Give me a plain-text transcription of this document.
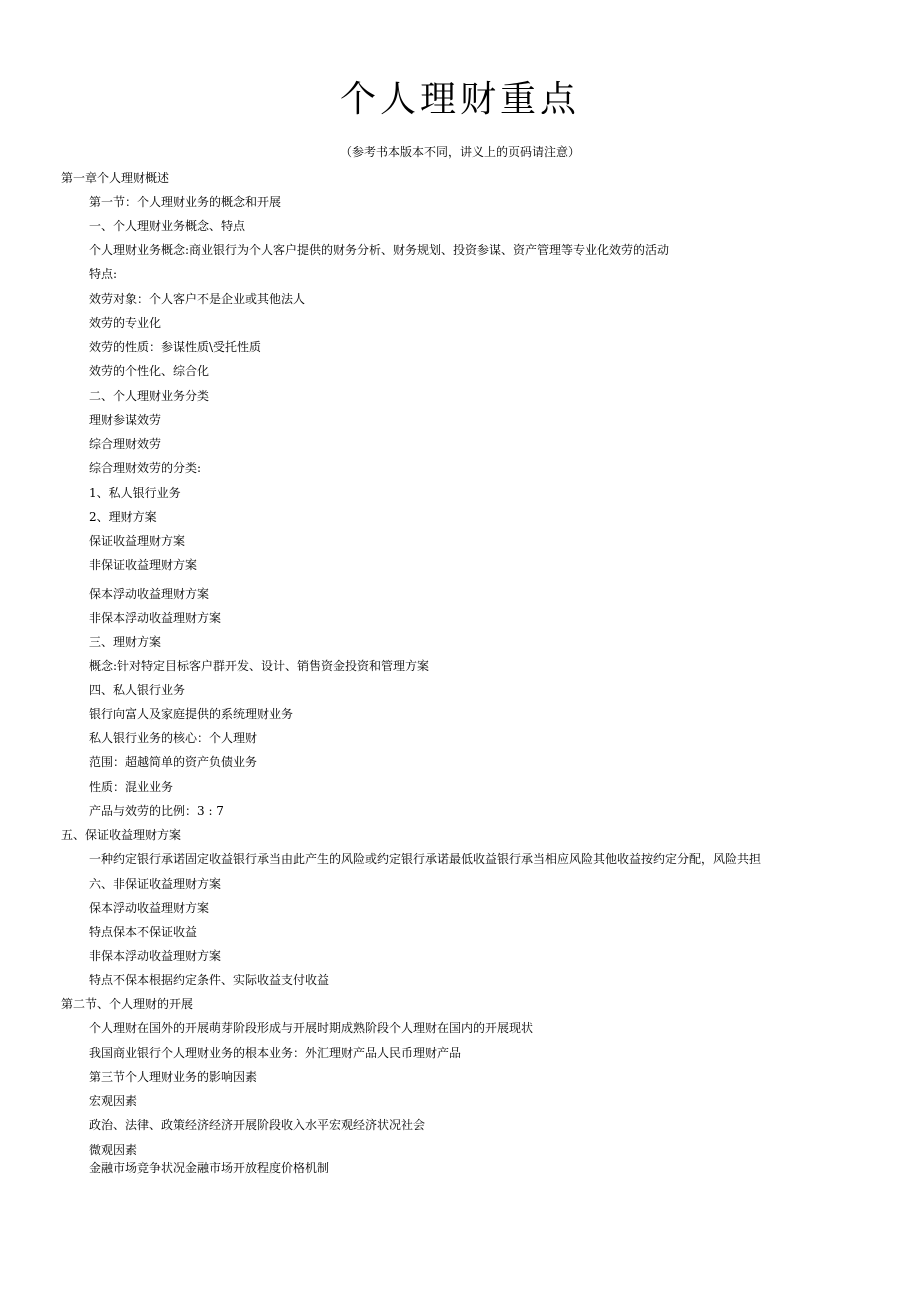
个人理财重点
（参考书本版本不同，讲义上的页码请注意）
第一章个人理财概述
第一节：个人理财业务的概念和开展
一、个人理财业务概念、特点
个人理财业务概念:商业银行为个人客户提供的财务分析、财务规划、投资参谋、资产管理等专业化效劳的活动
特点:
效劳对象：个人客户不是企业或其他法人
效劳的专业化
效劳的性质：参谋性质\受托性质
效劳的个性化、综合化
二、个人理财业务分类
理财参谋效劳
综合理财效劳
综合理财效劳的分类:
1、私人银行业务
2、理财方案
保证收益理财方案
非保证收益理财方案
保本浮动收益理财方案
非保本浮动收益理财方案
三、理财方案
概念:针对特定目标客户群开发、设计、销售资金投资和管理方案
四、私人银行业务
银行向富人及家庭提供的系统理财业务
私人银行业务的核心：个人理财
范围：超越简单的资产负债业务
性质：混业业务
产品与效劳的比例：3 : 7
五、保证收益理财方案
一种约定银行承诺固定收益银行承当由此产生的风险或约定银行承诺最低收益银行承当相应风险其他收益按约定分配，风险共担
六、非保证收益理财方案
保本浮动收益理财方案
特点保本不保证收益
非保本浮动收益理财方案
特点不保本根据约定条件、实际收益支付收益
第二节、个人理财的开展
个人理财在国外的开展萌芽阶段形成与开展时期成熟阶段个人理财在国内的开展现状
我国商业银行个人理财业务的根本业务：外汇理财产品人民币理财产品
第三节个人理财业务的影响因素
宏观因素
政治、法律、政策经济经济开展阶段收入水平宏观经济状况社会
微观因素
金融市场竞争状况金融市场开放程度价格机制
